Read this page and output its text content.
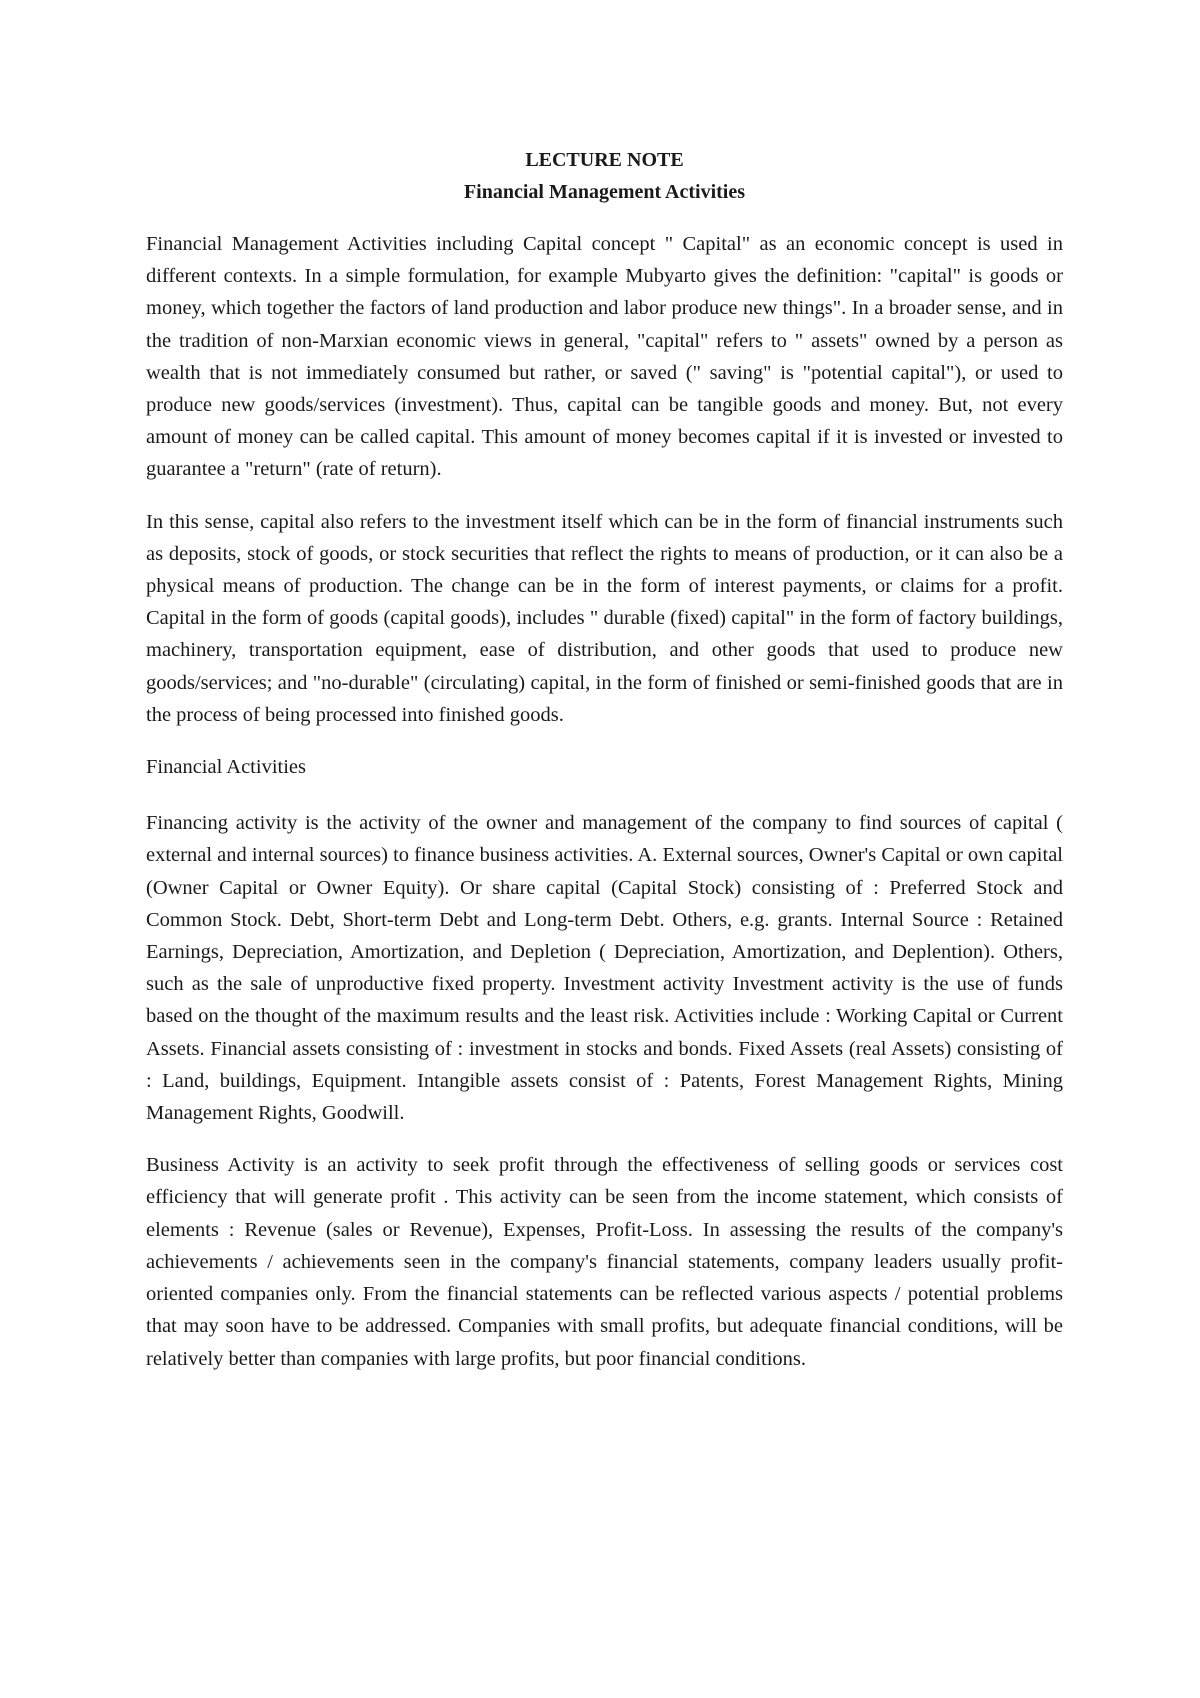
LECTURE NOTE
Financial Management Activities

Financial Management Activities including Capital concept " Capital" as an economic concept is used in different contexts. In a simple formulation, for example Mubyarto gives the definition: "capital" is goods or money, which together the factors of land production and labor produce new things". In a broader sense, and in the tradition of non-Marxian economic views in general, "capital" refers to " assets" owned by a person as wealth that is not immediately consumed but rather, or saved (" saving" is "potential capital"), or used to produce new goods/services (investment). Thus, capital can be tangible goods and money. But, not every amount of money can be called capital. This amount of money becomes capital if it is invested or invested to guarantee a "return" (rate of return).

In this sense, capital also refers to the investment itself which can be in the form of financial instruments such as deposits, stock of goods, or stock securities that reflect the rights to means of production, or it can also be a physical means of production. The change can be in the form of interest payments, or claims for a profit. Capital in the form of goods (capital goods), includes " durable (fixed) capital" in the form of factory buildings, machinery, transportation equipment, ease of distribution, and other goods that used to produce new goods/services; and "no-durable" (circulating) capital, in the form of finished or semi-finished goods that are in the process of being processed into finished goods.

Financial Activities

Financing activity is the activity of the owner and management of the company to find sources of capital ( external and internal sources) to finance business activities. A. External sources, Owner's Capital or own capital (Owner Capital or Owner Equity). Or share capital (Capital Stock) consisting of : Preferred Stock and Common Stock. Debt, Short-term Debt and Long-term Debt. Others, e.g. grants. Internal Source : Retained Earnings, Depreciation, Amortization, and Depletion ( Depreciation, Amortization, and Deplention). Others, such as the sale of unproductive fixed property. Investment activity Investment activity is the use of funds based on the thought of the maximum results and the least risk. Activities include : Working Capital or Current Assets. Financial assets consisting of : investment in stocks and bonds. Fixed Assets (real Assets) consisting of : Land, buildings, Equipment. Intangible assets consist of : Patents, Forest Management Rights, Mining Management Rights, Goodwill.

Business Activity is an activity to seek profit through the effectiveness of selling goods or services cost efficiency that will generate profit . This activity can be seen from the income statement, which consists of elements : Revenue (sales or Revenue), Expenses, Profit-Loss. In assessing the results of the company's achievements / achievements seen in the company's financial statements, company leaders usually profit-oriented companies only. From the financial statements can be reflected various aspects / potential problems that may soon have to be addressed. Companies with small profits, but adequate financial conditions, will be relatively better than companies with large profits, but poor financial conditions.
